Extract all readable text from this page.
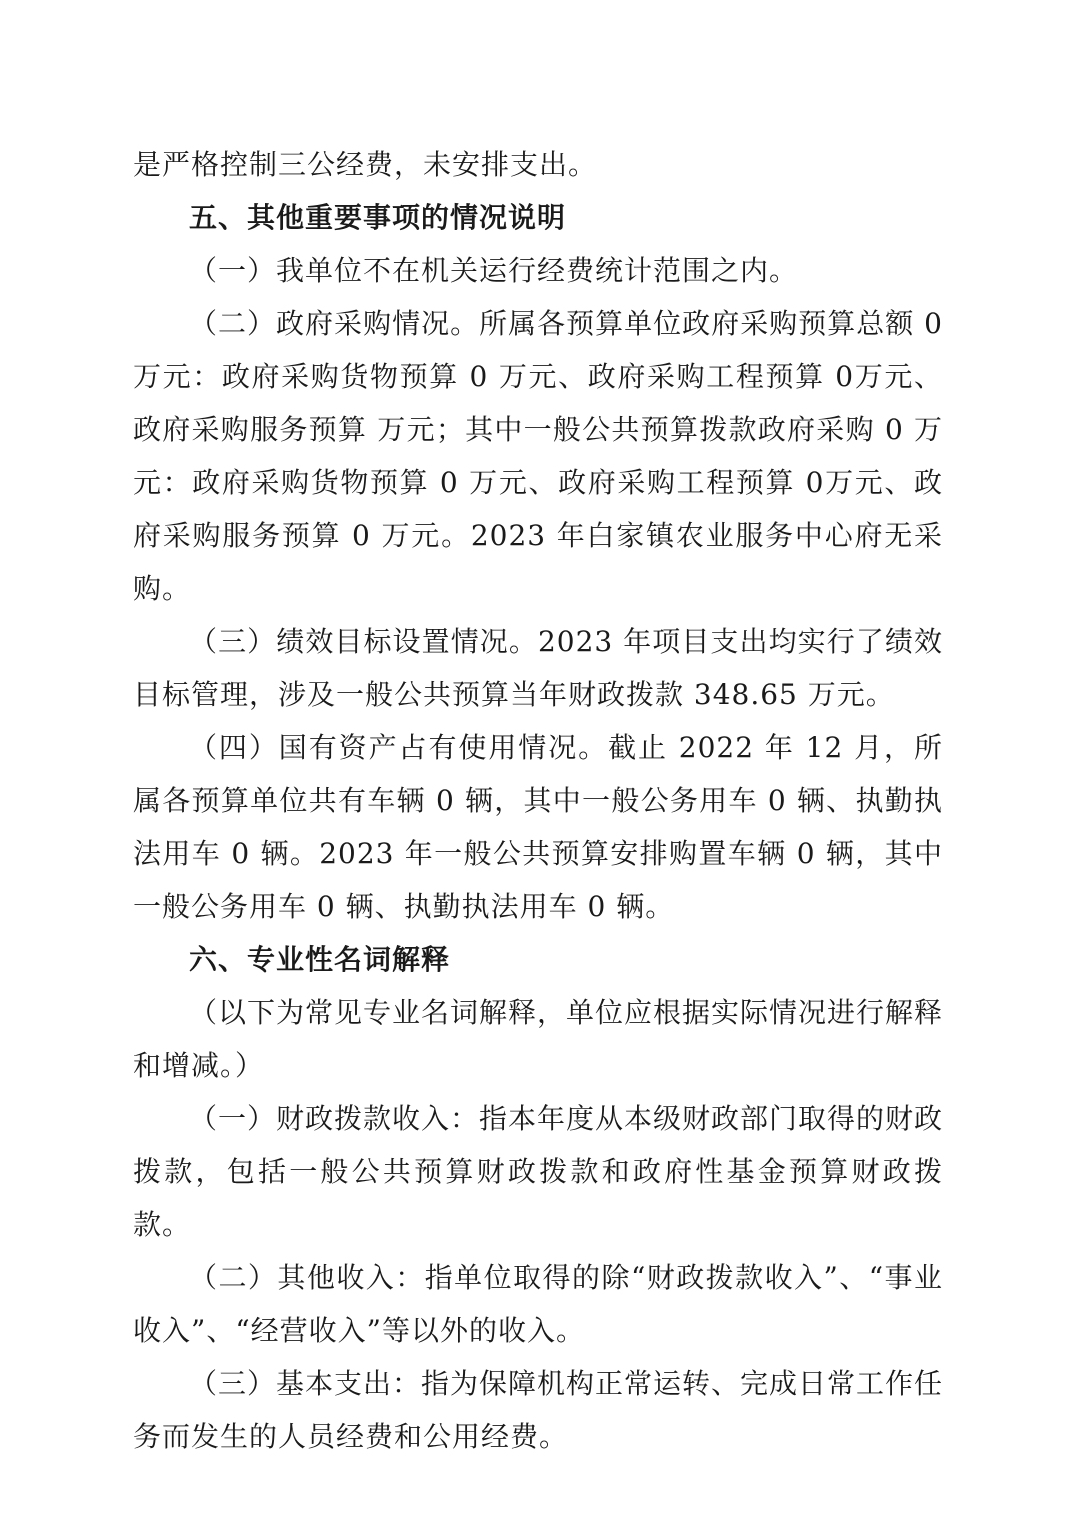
是严格控制三公经费，未安排支出。

五、其他重要事项的情况说明

（一）我单位不在机关运行经费统计范围之内。

（二）政府采购情况。所属各预算单位政府采购预算总额 0 万元：政府采购货物预算 0 万元、政府采购工程预算 0万元、政府采购服务预算 万元；其中一般公共预算拨款政府采购 0 万元：政府采购货物预算 0 万元、政府采购工程预算 0万元、政府采购服务预算 0 万元。2023 年白家镇农业服务中心府无采购。

（三）绩效目标设置情况。2023 年项目支出均实行了绩效目标管理，涉及一般公共预算当年财政拨款 348.65 万元。

（四）国有资产占有使用情况。截止 2022 年 12 月，所属各预算单位共有车辆 0 辆，其中一般公务用车 0 辆、执勤执法用车 0 辆。2023 年一般公共预算安排购置车辆 0 辆，其中一般公务用车 0 辆、执勤执法用车 0 辆。

六、专业性名词解释

（以下为常见专业名词解释，单位应根据实际情况进行解释和增减。）

（一）财政拨款收入：指本年度从本级财政部门取得的财政拨款，包括一般公共预算财政拨款和政府性基金预算财政拨款。

（二）其他收入：指单位取得的除“财政拨款收入”、“事业收入”、“经营收入”等以外的收入。

（三）基本支出：指为保障机构正常运转、完成日常工作任务而发生的人员经费和公用经费。
